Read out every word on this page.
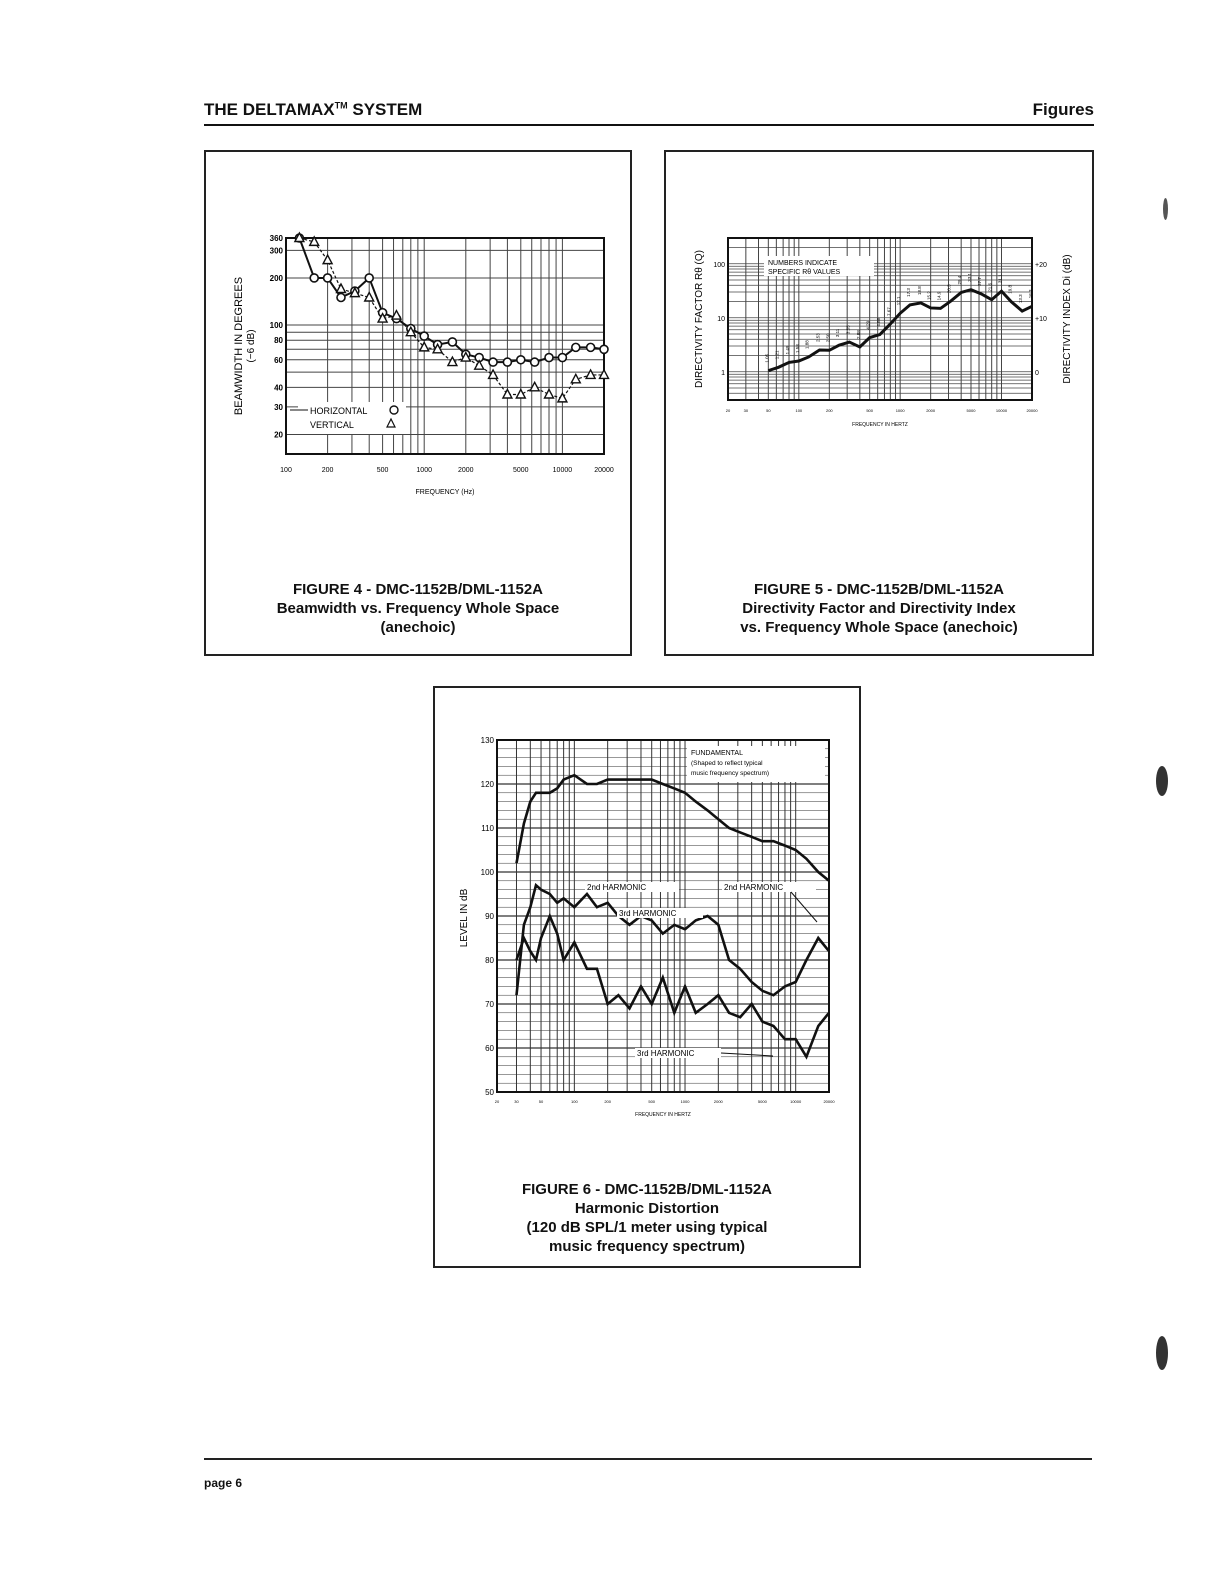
THE DELTAMAX™ SYSTEM	Figures
100	200	500	1000	2000	5000	10000	20000
20
30
40
60
80
100
200
300
360
FREQUENCY (Hz)
BEAMWIDTH IN DEGREES (−6 dB)
HORIZONTAL
VERTICAL
FIGURE 4 - DMC-1152B/DML-1152A
Beamwidth vs. Frequency Whole Space
(anechoic)
20	30	50	100	200	500	1000	2000	5000	10000	20000
1	0
10	+10
100	+20
FREQUENCY IN HERTZ
DIRECTIVITY FACTOR Rθ (Q)	DIRECTIVITY INDEX Di (dB)
NUMBERS INDICATE
SPECIFIC Rθ VALUES
1.05 1.21
1.49 1.58 1.88
2.53 2.50
3.11 3.55
2.88
4.29 4.88
7.67
12.1
17.3 18.8
15.2 14.9
20.3
29.4 33.1 27.7
21.6
31.1
19.8
13.3
16.3
FIGURE 5 - DMC-1152B/DML-1152A
Directivity Factor and Directivity Index
vs. Frequency Whole Space (anechoic)
20	30	50	100	200	500	1000	2000	5000	10000	20000
50
60
70
80
90
100
110
120
130
FREQUENCY IN HERTZ
LEVEL IN dB
FUNDAMENTAL
(Shaped to reflect typical
music frequency spectrum)
2nd HARMONIC	2nd HARMONIC
3rd HARMONIC
3rd HARMONIC
FIGURE 6 - DMC-1152B/DML-1152A
Harmonic Distortion
(120 dB SPL/1 meter using typical
music frequency spectrum)
page 6
